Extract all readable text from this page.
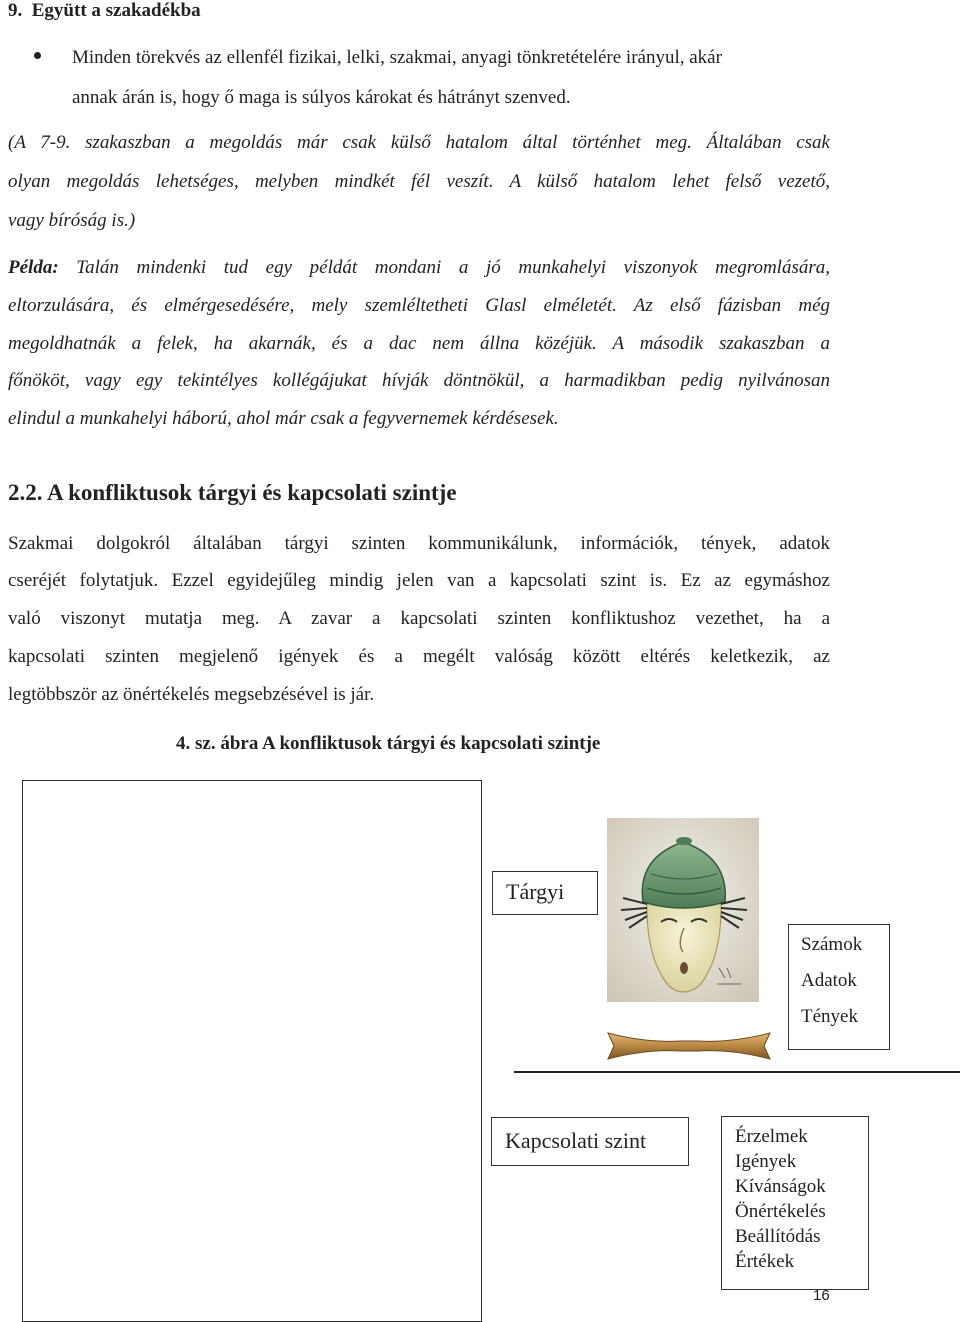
9.  Együtt a szakadékba
Minden törekvés az ellenfél fizikai, lelki, szakmai, anyagi tönkretételére irányul, akár
annak árán is, hogy ő maga is súlyos károkat és hátrányt szenved.
(A 7-9. szakaszban a megoldás már csak külső hatalom által történhet meg. Általában csak
olyan megoldás lehetséges, melyben mindkét fél veszít. A külső hatalom lehet felső vezető,
vagy bíróság is.)
Példa: Talán mindenki tud egy példát mondani a jó munkahelyi viszonyok megromlására,
eltorzulására, és elmérgesedésére, mely szemléltetheti Glasl elméletét. Az első fázisban még
megoldhatnák a felek, ha akarnák, és a dac nem állna közéjük. A második szakaszban a
főnököt, vagy egy tekintélyes kollégájukat hívják döntnökül, a harmadikban pedig nyilvánosan
elindul a munkahelyi háború, ahol már csak a fegyvernemek kérdésesek.
2.2. A konfliktusok tárgyi és kapcsolati szintje
Szakmai dolgokról általában tárgyi szinten kommunikálunk, információk, tények, adatok
cseréjét folytatjuk. Ezzel egyidejűleg mindig jelen van a kapcsolati szint is. Ez az egymáshoz
való viszonyt mutatja meg. A zavar a kapcsolati szinten konfliktushoz vezethet, ha a
kapcsolati szinten megjelenő igények és a megélt valóság között eltérés keletkezik, az
legtöbbször az önértékelés megsebzésével is jár.
4. sz. ábra A konfliktusok tárgyi és kapcsolati szintje
Tárgyi
Számok
Adatok
Tények
Kapcsolati szint	Érzelmek
Igények
Kívánságok
Önértékelés
Beállítódás
Értékek
16
